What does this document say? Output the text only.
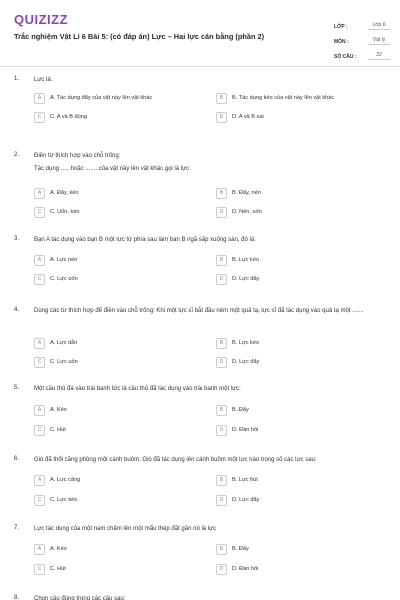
QUIZIZZ
Trắc nghiệm Vật Lí 6 Bài 5: (có đáp án) Lực – Hai lực cân bằng (phần 2)
LỚP :	Lớp 6
MÔN :	Vật lý
SỐ CÂU :	22
1. Lực là:
A	A. Tác dụng đẩy của vật này lên vật khác	B	B. Tác dụng kéo của vật này lên vật khác
C	C. A và B đúng	D	D. A và B sai
2. Điền từ thích hợp vào chỗ trống:
Tác dụng ..... hoặc ....... của vật này lên vật khác gọi là lực
A	A. Đẩy, kéo	B	B. Đẩy, nén
C	C. Uốn, kéo	D	D. Nén, uốn
3. Bạn A tác dụng vào bạn B một lực từ phía sau làm bạn B ngã sấp xuống sàn, đó là:
A	A. Lực nén	B	B. Lực kéo
C	C. Lực uốn	D	D. Lực đẩy
4. Dùng các từ thích hợp để điền vào chỗ trống: Khi một lực sĩ bắt đầu ném một quả tạ, lực sĩ đã tác dụng vào quả tạ một .......
A	A. Lực dẫn	B	B. Lực kéo
C	C. Lực uốn	D	D. Lực đẩy
5. Một cầu thủ đá vào trái banh tức là cầu thủ đã tác dụng vào trái banh một lực:
A	A. Kéo	B	B. Đẩy
C	C. Hút	D	D. Đàn hồi
6. Gió đã thổi căng phồng một cánh buồm. Gió đã tác dụng lên cánh buồm một lực nào trong số các lực sau:
A	A. Lực căng	B	B. Lực hút
C	C. Lực kéo	D	D. Lực đẩy
7. Lực tác dụng của một nam châm lên một mẩu thép đặt gần nó là lực
A	A. Kéo	B	B. Đẩy
C	C. Hút	D	D. Đàn hồi
8. Chọn câu đúng trong các câu sau:
